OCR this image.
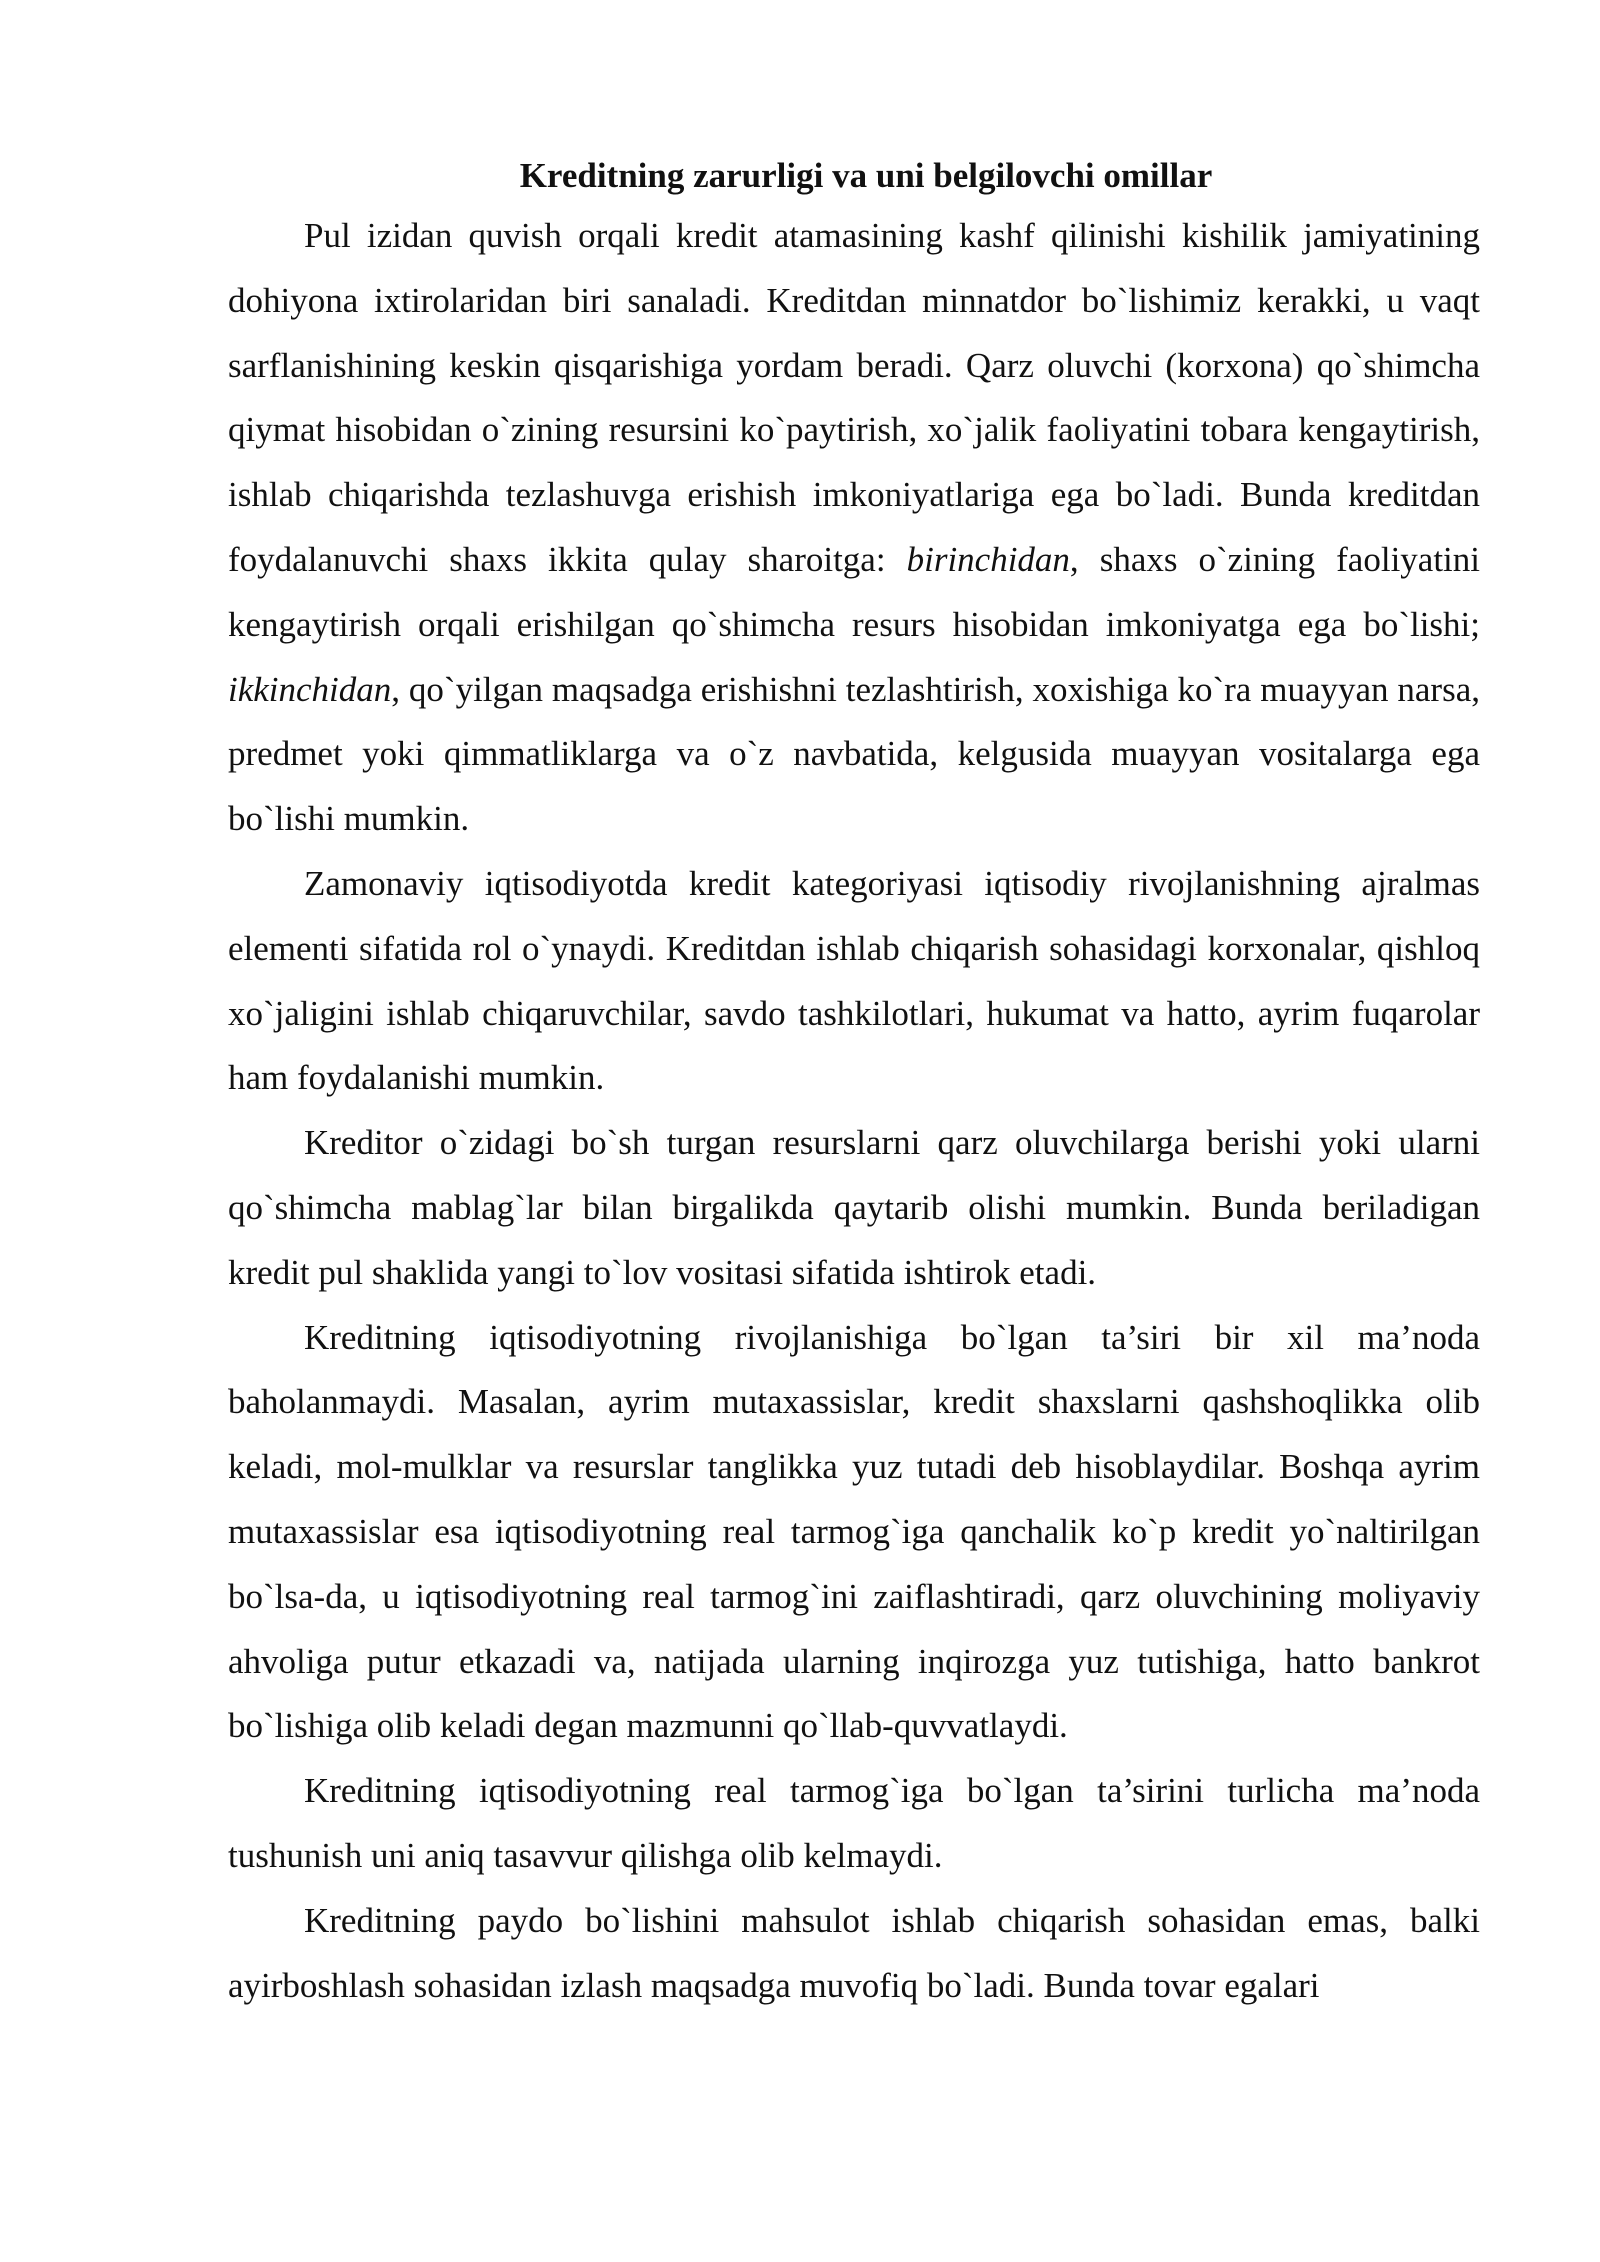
Kreditning zarurligi va uni belgilovchi omillar

Pul izidan quvish orqali kredit atamasining kashf qilinishi kishilik jamiyatining dohiyona ixtirolaridan biri sanaladi. Kreditdan minnatdor bo`lishimiz kerakki, u vaqt sarflanishining keskin qisqarishiga yordam beradi. Qarz oluvchi (korxona) qo`shimcha qiymat hisobidan o`zining resursini ko`paytirish, xo`jalik faoliyatini tobara kengaytirish, ishlab chiqarishda tezlashuvga erishish imkoniyatlariga ega bo`ladi. Bunda kreditdan foydalanuvchi shaxs ikkita qulay sharoitga: birinchidan, shaxs o`zining faoliyatini kengaytirish orqali erishilgan qo`shimcha resurs hisobidan imkoniyatga ega bo`lishi; ikkinchidan, qo`yilgan maqsadga erishishni tezlashtirish, xoxishiga ko`ra muayyan narsa, predmet yoki qimmatliklarga va o`z navbatida, kelgusida muayyan vositalarga ega bo`lishi mumkin.

Zamonaviy iqtisodiyotda kredit kategoriyasi iqtisodiy rivojlanishning ajralmas elementi sifatida rol o`ynaydi. Kreditdan ishlab chiqarish sohasidagi korxonalar, qishloq xo`jaligini ishlab chiqaruvchilar, savdo tashkilotlari, hukumat va hatto, ayrim fuqarolar ham foydalanishi mumkin.

Kreditor o`zidagi bo`sh turgan resurslarni qarz oluvchilarga berishi yoki ularni qo`shimcha mablag`lar bilan birgalikda qaytarib olishi mumkin. Bunda beriladigan kredit pul shaklida yangi to`lov vositasi sifatida ishtirok etadi.

Kreditning iqtisodiyotning rivojlanishiga bo`lgan ta’siri bir xil ma’noda baholanmaydi. Masalan, ayrim mutaxassislar, kredit shaxslarni qashshoqlikka olib keladi, mol-mulklar va resurslar tanglikka yuz tutadi deb hisoblaydilar. Boshqa ayrim mutaxassislar esa iqtisodiyotning real tarmog`iga qanchalik ko`p kredit yo`naltirilgan bo`lsa-da, u iqtisodiyotning real tarmog`ini zaiflashtiradi, qarz oluvchining moliyaviy ahvoliga putur etkazadi va, natijada ularning inqirozga yuz tutishiga, hatto bankrot bo`lishiga olib keladi degan mazmunni qo`llab-quvvatlaydi.

Kreditning iqtisodiyotning real tarmog`iga bo`lgan ta’sirini turlicha ma’noda tushunish uni aniq tasavvur qilishga olib kelmaydi.

Kreditning paydo bo`lishini mahsulot ishlab chiqarish sohasidan emas, balki ayirboshlash sohasidan izlash maqsadga muvofiq bo`ladi. Bunda tovar egalari
